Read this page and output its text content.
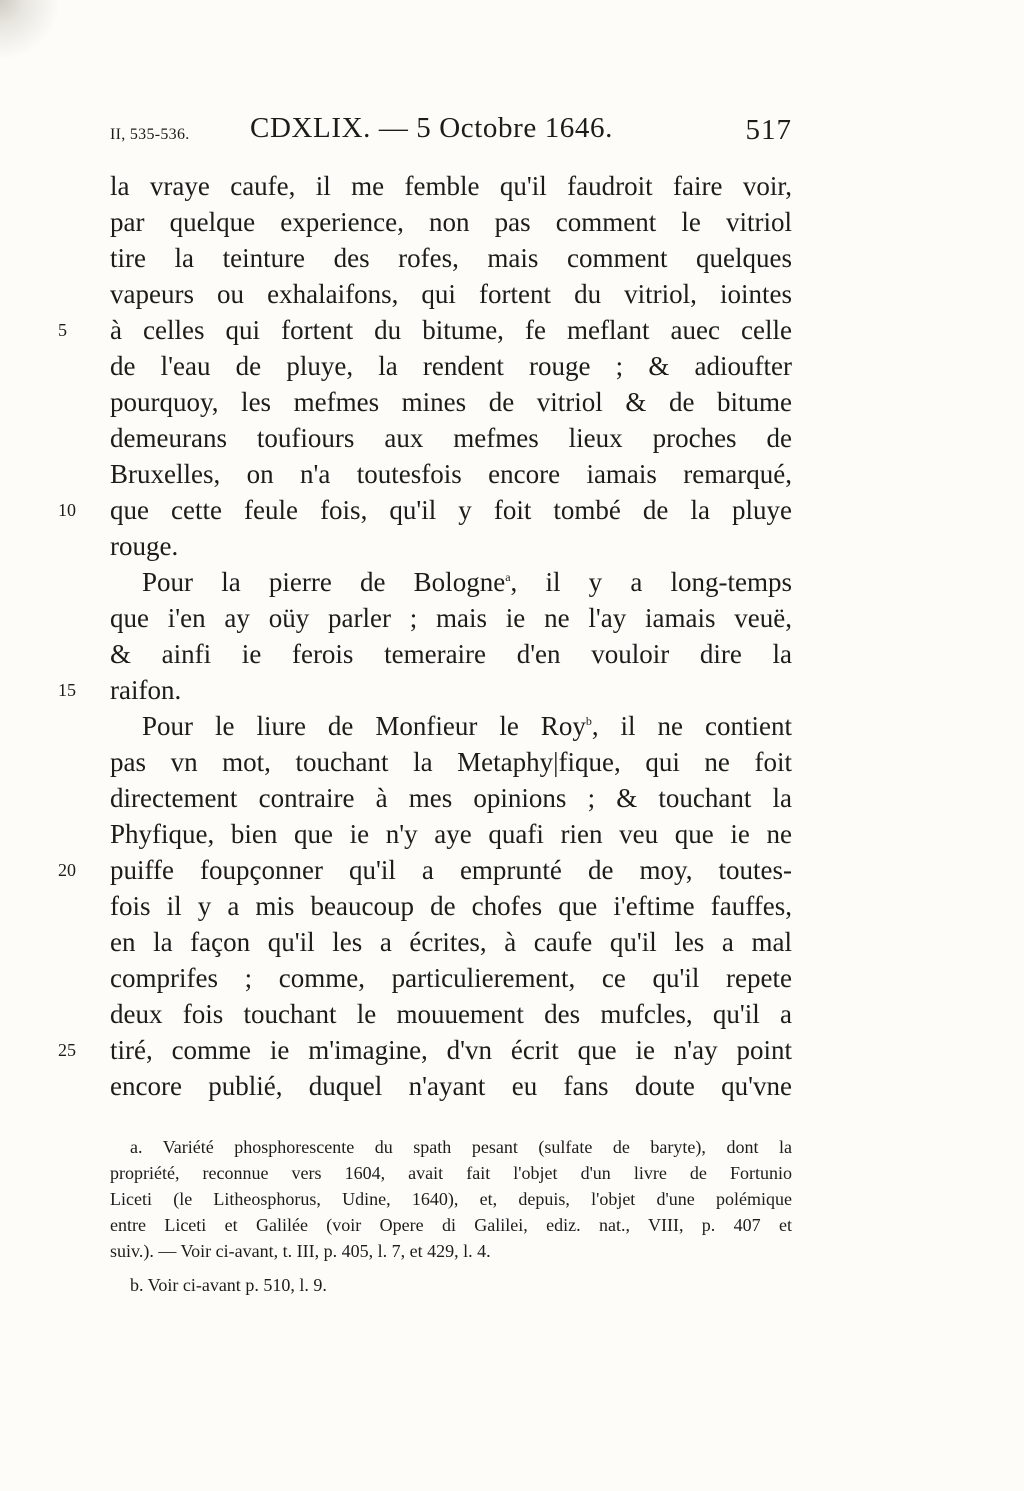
II, 535-536. CDXLIX. — 5 Octobre 1646.	517
la vraye caufe, il me femble qu'il faudroit faire voir,
par quelque experience, non pas comment le vitriol
tire la teinture des rofes, mais comment quelques
vapeurs ou exhalaifons, qui fortent du vitriol, iointes
5	à celles qui fortent du bitume, fe meflant auec celle
de l'eau de pluye, la rendent rouge ; & adioufter
pourquoy, les mefmes mines de vitriol & de bitume
demeurans toufiours aux mefmes lieux proches de
Bruxelles, on n'a toutesfois encore iamais remarqué,
10	que cette feule fois, qu'il y foit tombé de la pluye
rouge.
Pour la pierre de Bologne$^a$, il y a long-temps
que i'en ay oüy parler ; mais ie ne l'ay iamais veuë,
& ainfi ie ferois temeraire d'en vouloir dire la
15	raifon.
Pour le liure de Monfieur le Roy$^b$, il ne contient
pas vn mot, touchant la Metaphy|fique, qui ne foit
directement contraire à mes opinions ; & touchant la
Phyfique, bien que ie n'y aye quafi rien veu que ie ne
20	puiffe foupçonner qu'il a emprunté de moy, toutes-
fois il y a mis beaucoup de chofes que i'eftime fauffes,
en la façon qu'il les a écrites, à caufe qu'il les a mal
comprifes ; comme, particulierement, ce qu'il repete
deux fois touchant le mouuement des mufcles, qu'il a
25	tiré, comme ie m'imagine, d'vn écrit que ie n'ay point
encore publié, duquel n'ayant eu fans doute qu'vne
a. Variété phosphorescente du spath pesant (sulfate de baryte), dont la
propriété, reconnue vers 1604, avait fait l'objet d'un livre de Fortunio
Liceti (le Litheosphorus, Udine, 1640), et, depuis, l'objet d'une polémique
entre Liceti et Galilée (voir Opere di Galilei, ediz. nat., VIII, p. 407 et
suiv.). — Voir ci-avant, t. III, p. 405, l. 7, et 429, l. 4.
b. Voir ci-avant p. 510, l. 9.
